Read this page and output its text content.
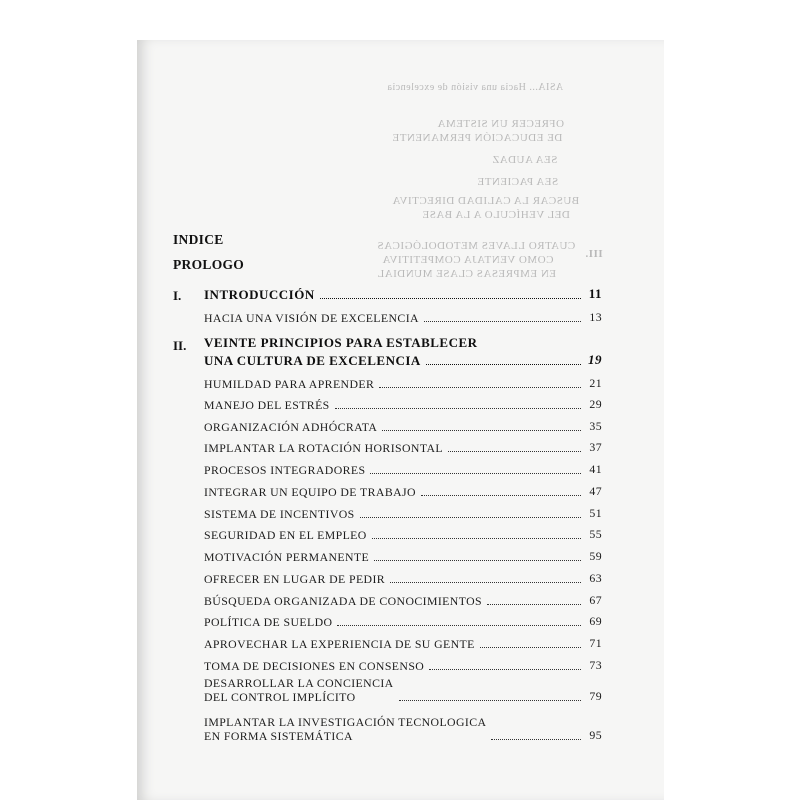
ASIA... Hacia una visión de excelencia
OFRECER UN SISTEMA
DE EDUCACIÓN PERMANENTE
SEA AUDAZ
SEA PACIENTE
BUSCAR LA CALIDAD DIRECTIVA
DEL VEHÍCULO A LA BASE
CUATRO LLAVES METODOLÓGICAS
COMO VENTAJA COMPETITIVA
EN EMPRESAS CLASE MUNDIAL
III.
INDICE
PROLOGO
I. INTRODUCCIÓN	11
HACIA UNA VISIÓN DE EXCELENCIA	13
II. VEINTE PRINCIPIOS PARA ESTABLECER
UNA CULTURA DE EXCELENCIA	19
HUMILDAD PARA APRENDER	21
MANEJO DEL ESTRÉS	29
ORGANIZACIÓN ADHÓCRATA	35
IMPLANTAR LA ROTACIÓN HORISONTAL	37
PROCESOS INTEGRADORES	41
INTEGRAR UN EQUIPO DE TRABAJO	47
SISTEMA DE INCENTIVOS	51
SEGURIDAD EN EL EMPLEO	55
MOTIVACIÓN PERMANENTE	59
OFRECER EN LUGAR DE PEDIR	63
BÚSQUEDA ORGANIZADA DE CONOCIMIENTOS	67
POLÍTICA DE SUELDO	69
APROVECHAR LA EXPERIENCIA DE SU GENTE	71
TOMA DE DECISIONES EN CONSENSO	73
DESARROLLAR LA CONCIENCIA
DEL CONTROL IMPLÍCITO	79
IMPLANTAR LA INVESTIGACIÓN TECNOLOGICA
EN FORMA SISTEMÁTICA	95
